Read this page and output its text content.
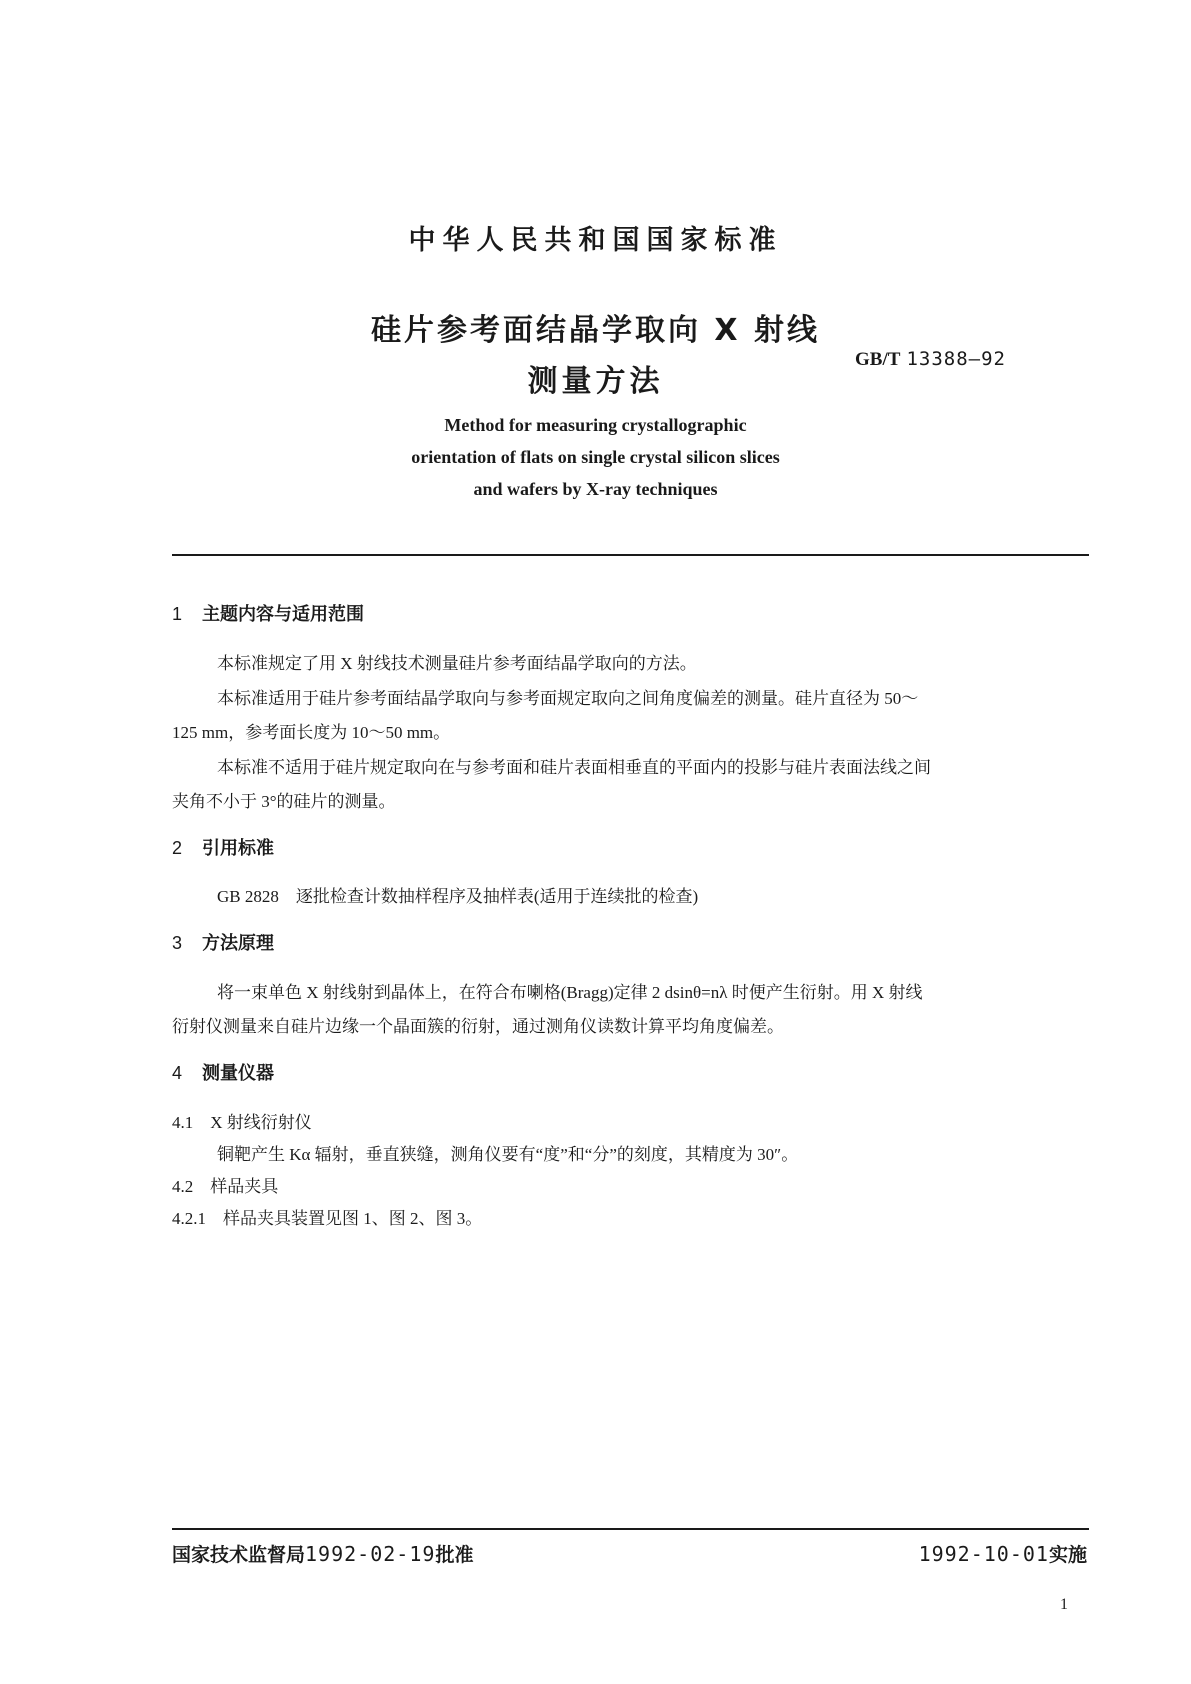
中华人民共和国国家标准
硅片参考面结晶学取向 X 射线
测量方法
GB/T 13388—92
Method for measuring crystallographic
orientation of flats on single crystal silicon slices
and wafers by X-ray techniques
1 主题内容与适用范围
本标准规定了用 X 射线技术测量硅片参考面结晶学取向的方法。
本标准适用于硅片参考面结晶学取向与参考面规定取向之间角度偏差的测量。硅片直径为 50～
125 mm，参考面长度为 10～50 mm。
本标准不适用于硅片规定取向在与参考面和硅片表面相垂直的平面内的投影与硅片表面法线之间
夹角不小于 3°的硅片的测量。
2 引用标准
GB 2828　逐批检查计数抽样程序及抽样表(适用于连续批的检查)
3 方法原理
将一束单色 X 射线射到晶体上，在符合布喇格(Bragg)定律 2 dsinθ=nλ 时便产生衍射。用 X 射线
衍射仪测量来自硅片边缘一个晶面簇的衍射，通过测角仪读数计算平均角度偏差。
4 测量仪器
4.1　X 射线衍射仪
铜靶产生 Kα 辐射，垂直狭缝，测角仪要有“度”和“分”的刻度，其精度为 30″。
4.2　样品夹具
4.2.1　样品夹具装置见图 1、图 2、图 3。
国家技术监督局1992-02-19批准	1992-10-01实施
1
